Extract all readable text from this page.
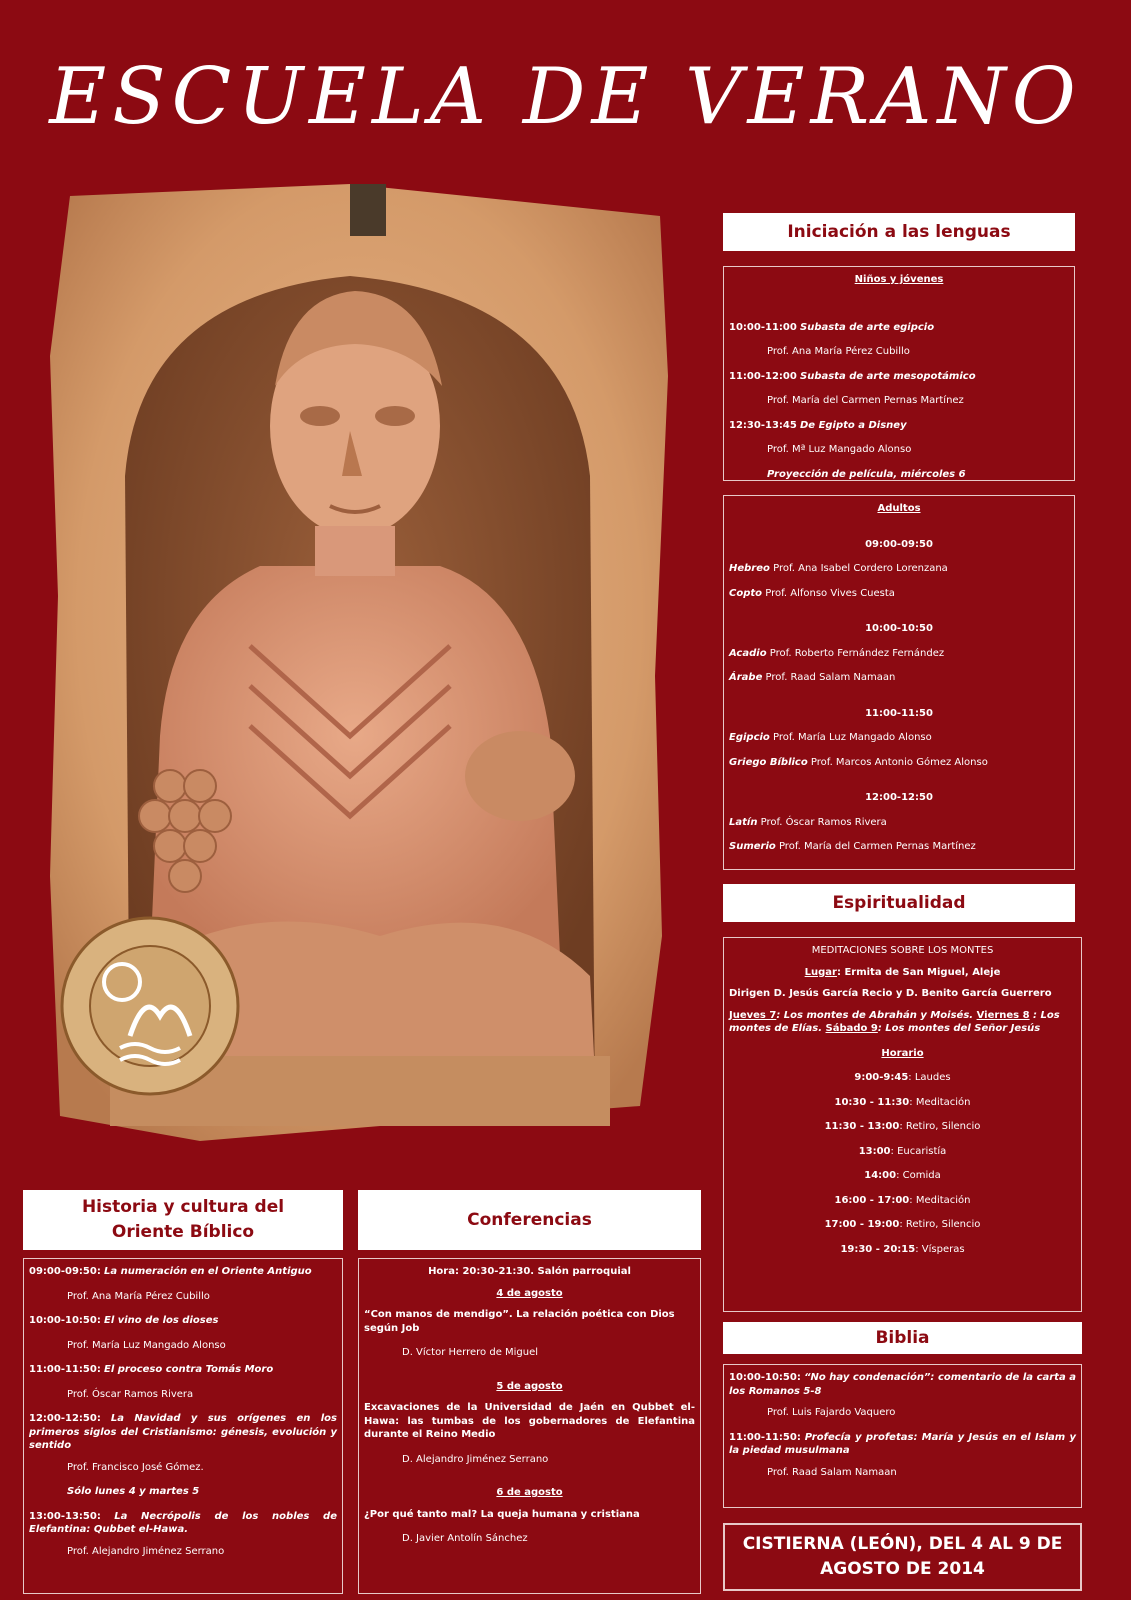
ESCUELA DE VERANO
Iniciación a las lenguas
Niños y jóvenes
10:00-11:00 Subasta de arte egipcio
Prof. Ana María Pérez Cubillo
11:00-12:00 Subasta de arte mesopotámico
Prof. María del Carmen Pernas Martínez
12:30-13:45 De Egipto a Disney
Prof. Mª Luz Mangado Alonso
Proyección de película, miércoles 6
Adultos
09:00-09:50
Hebreo Prof. Ana Isabel Cordero Lorenzana
Copto Prof. Alfonso Vives Cuesta
10:00-10:50
Acadio Prof. Roberto Fernández Fernández
Árabe Prof. Raad Salam Namaan
11:00-11:50
Egipcio Prof. María Luz Mangado Alonso
Griego Bíblico Prof. Marcos Antonio Gómez Alonso
12:00-12:50
Latín Prof. Óscar Ramos Rivera
Sumerio Prof. María del Carmen Pernas Martínez
Espiritualidad
MEDITACIONES SOBRE LOS MONTES
Lugar: Ermita de San Miguel, Aleje
Dirigen D. Jesús García Recio y D. Benito García Guerrero
Jueves 7: Los montes de Abrahán y Moisés. Viernes 8 : Los montes de Elías. Sábado 9: Los montes del Señor Jesús
Horario
9:00-9:45: Laudes
10:30 - 11:30: Meditación
11:30 - 13:00: Retiro, Silencio
13:00: Eucaristía
14:00: Comida
16:00 - 17:00: Meditación
17:00 - 19:00: Retiro, Silencio
19:30 - 20:15: Vísperas
Biblia
10:00-10:50: “No hay condenación”: comentario de la carta a los Romanos 5-8
Prof. Luis Fajardo Vaquero
11:00-11:50: Profecía y profetas: María y Jesús en el Islam y la piedad musulmana
Prof. Raad Salam Namaan
CISTIERNA (LEÓN), DEL 4 AL 9 DE
AGOSTO DE 2014
Historia y cultura del
Oriente Bíblico
09:00-09:50: La numeración en el Oriente Antiguo
Prof. Ana María Pérez Cubillo
10:00-10:50: El vino de los dioses
Prof. María Luz Mangado Alonso
11:00-11:50: El proceso contra Tomás Moro
Prof. Óscar Ramos Rivera
12:00-12:50: La Navidad y sus orígenes en los primeros siglos del Cristianismo: génesis, evolución y sentido
Prof. Francisco José Gómez.
Sólo lunes 4 y martes 5
13:00-13:50: La Necrópolis de los nobles de Elefantina: Qubbet el-Hawa.
Prof. Alejandro Jiménez Serrano
Conferencias
Hora: 20:30-21:30. Salón parroquial
4 de agosto
“Con manos de mendigo”. La relación poética con Dios según Job
D. Víctor Herrero de Miguel
5 de agosto
Excavaciones de la Universidad de Jaén en Qubbet el-Hawa: las tumbas de los gobernadores de Elefantina durante el Reino Medio
D. Alejandro Jiménez Serrano
6 de agosto
¿Por qué tanto mal? La queja humana y cristiana
D. Javier Antolín Sánchez
